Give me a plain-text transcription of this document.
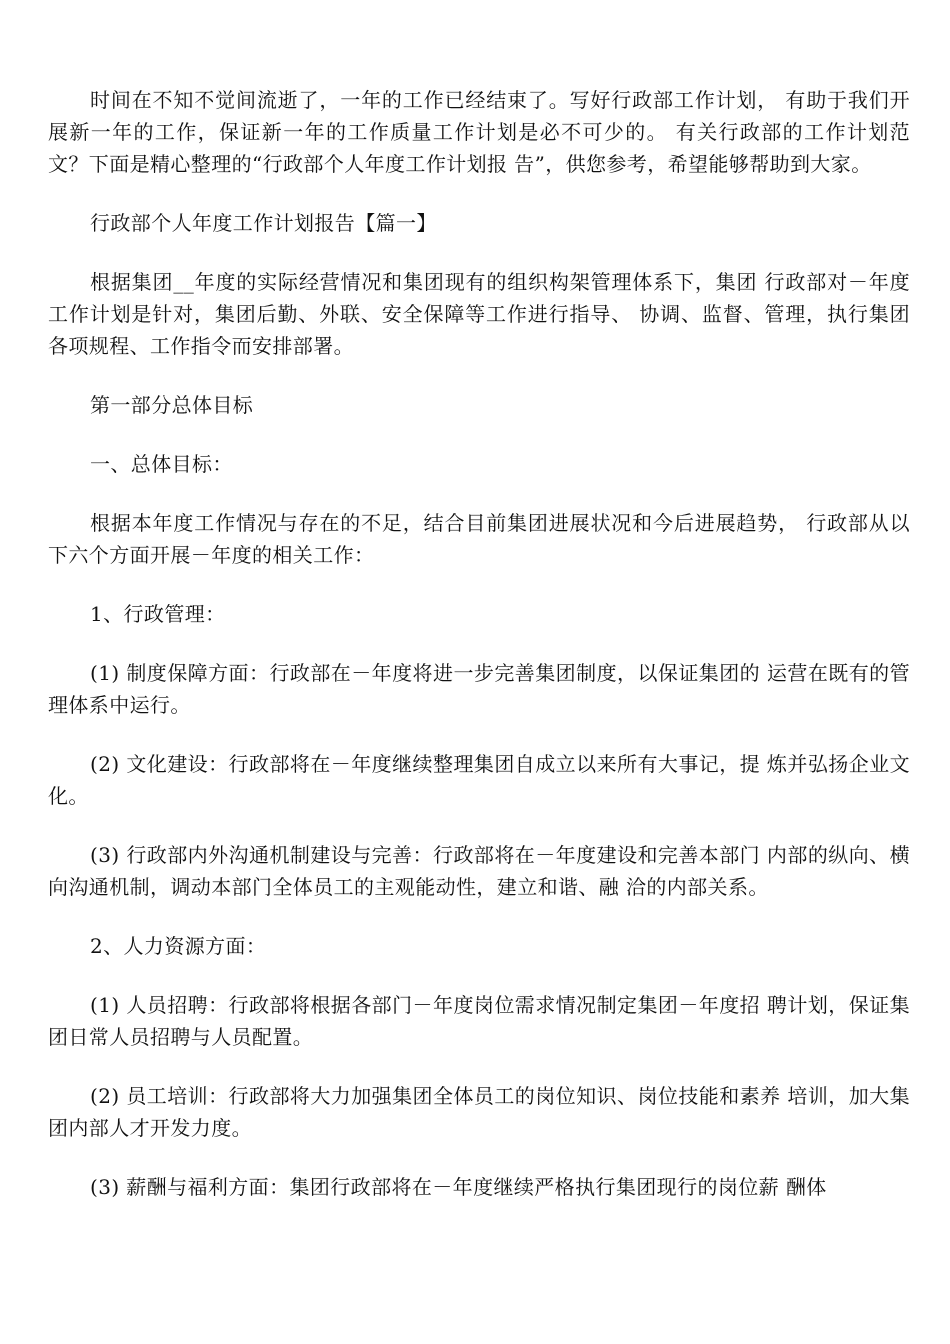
时间在不知不觉间流逝了，一年的工作已经结束了。写好行政部工作计划， 有助于我们开展新一年的工作，保证新一年的工作质量工作计划是必不可少的。 有关行政部的工作计划范文？下面是精心整理的“行政部个人年度工作计划报 告”，供您参考，希望能够帮助到大家。

行政部个人年度工作计划报告【篇一】

根据集团__年度的实际经营情况和集团现有的组织构架管理体系下，集团 行政部对－年度工作计划是针对，集团后勤、外联、安全保障等工作进行指导、 协调、监督、管理，执行集团各项规程、工作指令而安排部署。

第一部分总体目标

一、总体目标：

根据本年度工作情况与存在的不足，结合目前集团进展状况和今后进展趋势， 行政部从以下六个方面开展－年度的相关工作：

1、行政管理：

(1) 制度保障方面：行政部在－年度将进一步完善集团制度，以保证集团的 运营在既有的管理体系中运行。

(2) 文化建设：行政部将在－年度继续整理集团自成立以来所有大事记，提 炼并弘扬企业文化。

(3) 行政部内外沟通机制建设与完善：行政部将在－年度建设和完善本部门 内部的纵向、横向沟通机制，调动本部门全体员工的主观能动性，建立和谐、融 洽的内部关系。

2、人力资源方面：

(1) 人员招聘：行政部将根据各部门－年度岗位需求情况制定集团－年度招 聘计划，保证集团日常人员招聘与人员配置。

(2) 员工培训：行政部将大力加强集团全体员工的岗位知识、岗位技能和素养 培训，加大集团内部人才开发力度。

(3) 薪酬与福利方面：集团行政部将在－年度继续严格执行集团现行的岗位薪 酬体
